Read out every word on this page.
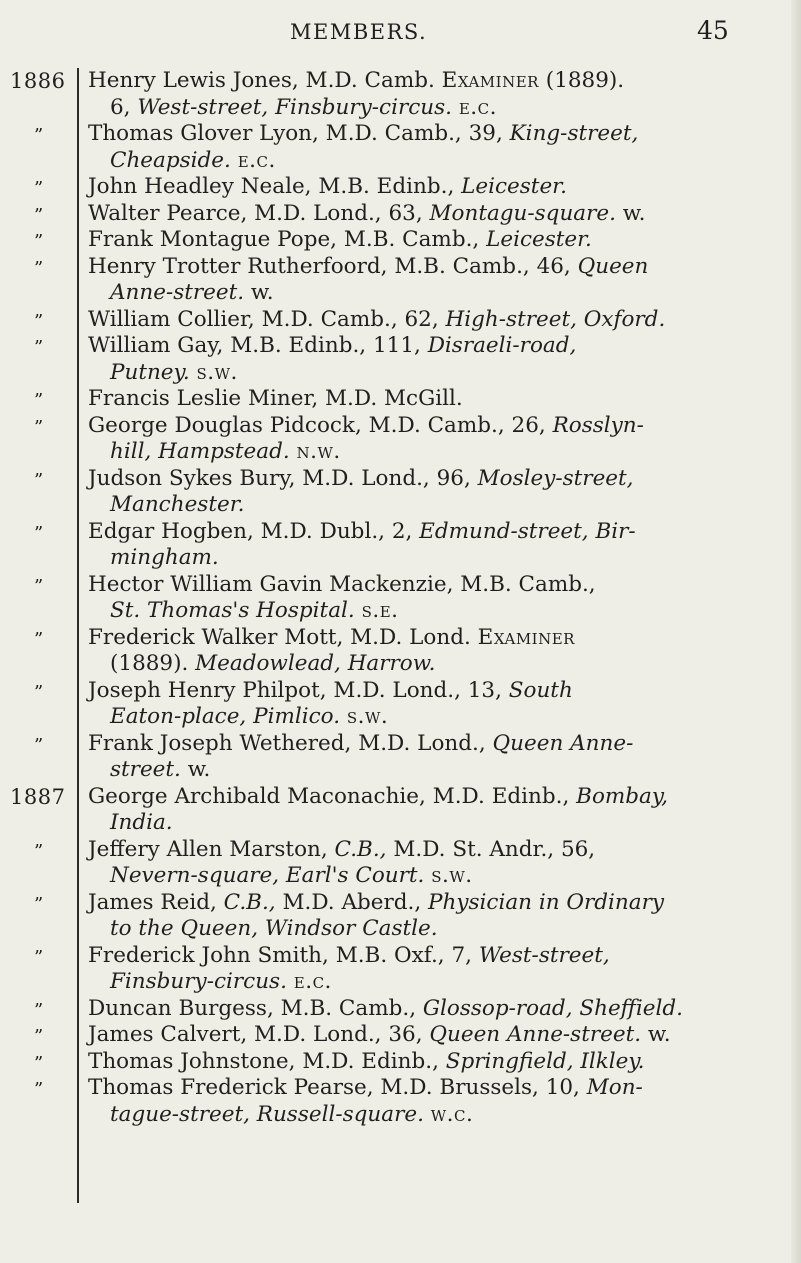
MEMBERS.	45
1886	Henry Lewis Jones, M.D. Camb. Examiner (1889).
6, West-street, Finsbury-circus. e.c.
”	Thomas Glover Lyon, M.D. Camb., 39, King-street,
Cheapside. e.c.
”	John Headley Neale, M.B. Edinb., Leicester.
”	Walter Pearce, M.D. Lond., 63, Montagu-square. w.
”	Frank Montague Pope, M.B. Camb., Leicester.
”	Henry Trotter Rutherfoord, M.B. Camb., 46, Queen
Anne-street. w.
”	William Collier, M.D. Camb., 62, High-street, Oxford.
”	William Gay, M.B. Edinb., 111, Disraeli-road,
Putney. s.w.
”	Francis Leslie Miner, M.D. McGill.
”	George Douglas Pidcock, M.D. Camb., 26, Rosslyn-
hill, Hampstead. n.w.
”	Judson Sykes Bury, M.D. Lond., 96, Mosley-street,
Manchester.
”	Edgar Hogben, M.D. Dubl., 2, Edmund-street, Bir-
mingham.
”	Hector William Gavin Mackenzie, M.B. Camb.,
St. Thomas's Hospital. s.e.
”	Frederick Walker Mott, M.D. Lond. Examiner
(1889). Meadowlead, Harrow.
”	Joseph Henry Philpot, M.D. Lond., 13, South
Eaton-place, Pimlico. s.w.
”	Frank Joseph Wethered, M.D. Lond., Queen Anne-
street. w.
1887	George Archibald Maconachie, M.D. Edinb., Bombay,
India.
”	Jeffery Allen Marston, C.B., M.D. St. Andr., 56,
Nevern-square, Earl's Court. s.w.
”	James Reid, C.B., M.D. Aberd., Physician in Ordinary
to the Queen, Windsor Castle.
”	Frederick John Smith, M.B. Oxf., 7, West-street,
Finsbury-circus. e.c.
”	Duncan Burgess, M.B. Camb., Glossop-road, Sheffield.
”	James Calvert, M.D. Lond., 36, Queen Anne-street. w.
”	Thomas Johnstone, M.D. Edinb., Springfield, Ilkley.
”	Thomas Frederick Pearse, M.D. Brussels, 10, Mon-
tague-street, Russell-square. w.c.
